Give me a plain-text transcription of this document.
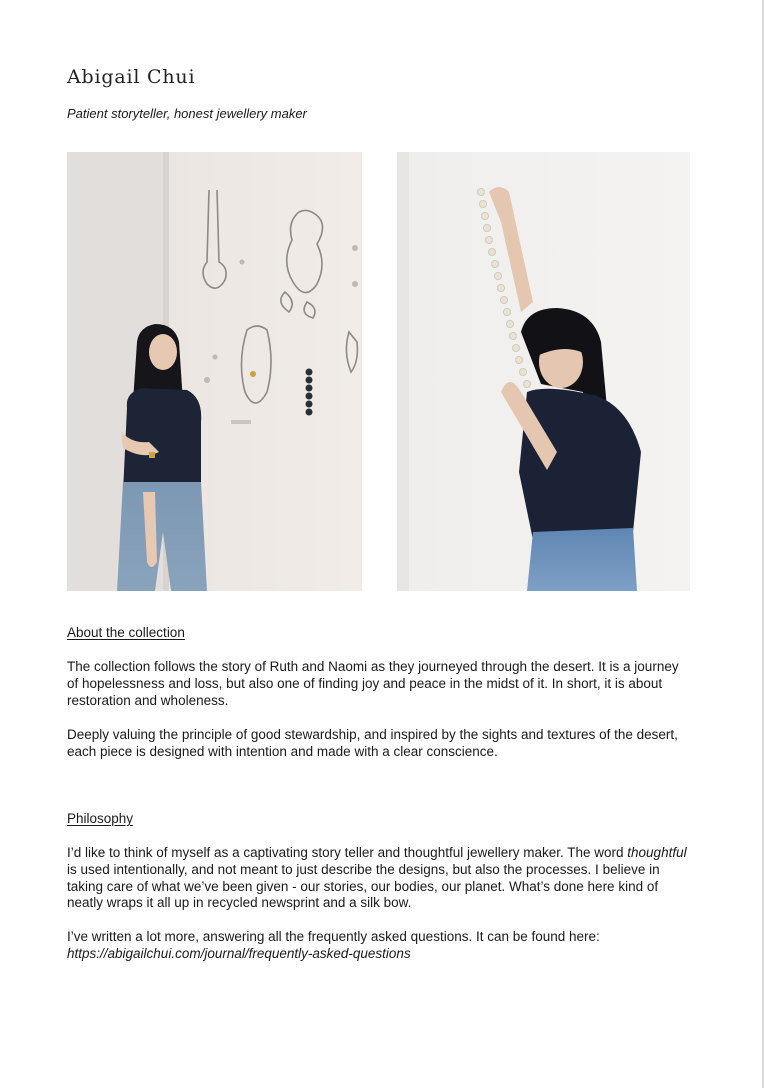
Abigail Chui
Patient storyteller, honest jewellery maker
About the collection

The collection follows the story of Ruth and Naomi as they journeyed through the desert. It is a journey of hopelessness and loss, but also one of finding joy and peace in the midst of it. In short, it is about restoration and wholeness.

Deeply valuing the principle of good stewardship, and inspired by the sights and textures of the desert, each piece is designed with intention and made with a clear conscience.

Philosophy

I’d like to think of myself as a captivating story teller and thoughtful jewellery maker. The word thoughtful is used intentionally, and not meant to just describe the designs, but also the processes. I believe in taking care of what we’ve been given - our stories, our bodies, our planet. What’s done here kind of neatly wraps it all up in recycled newsprint and a silk bow.

I’ve written a lot more, answering all the frequently asked questions. It can be found here:
https://abigailchui.com/journal/frequently-asked-questions
